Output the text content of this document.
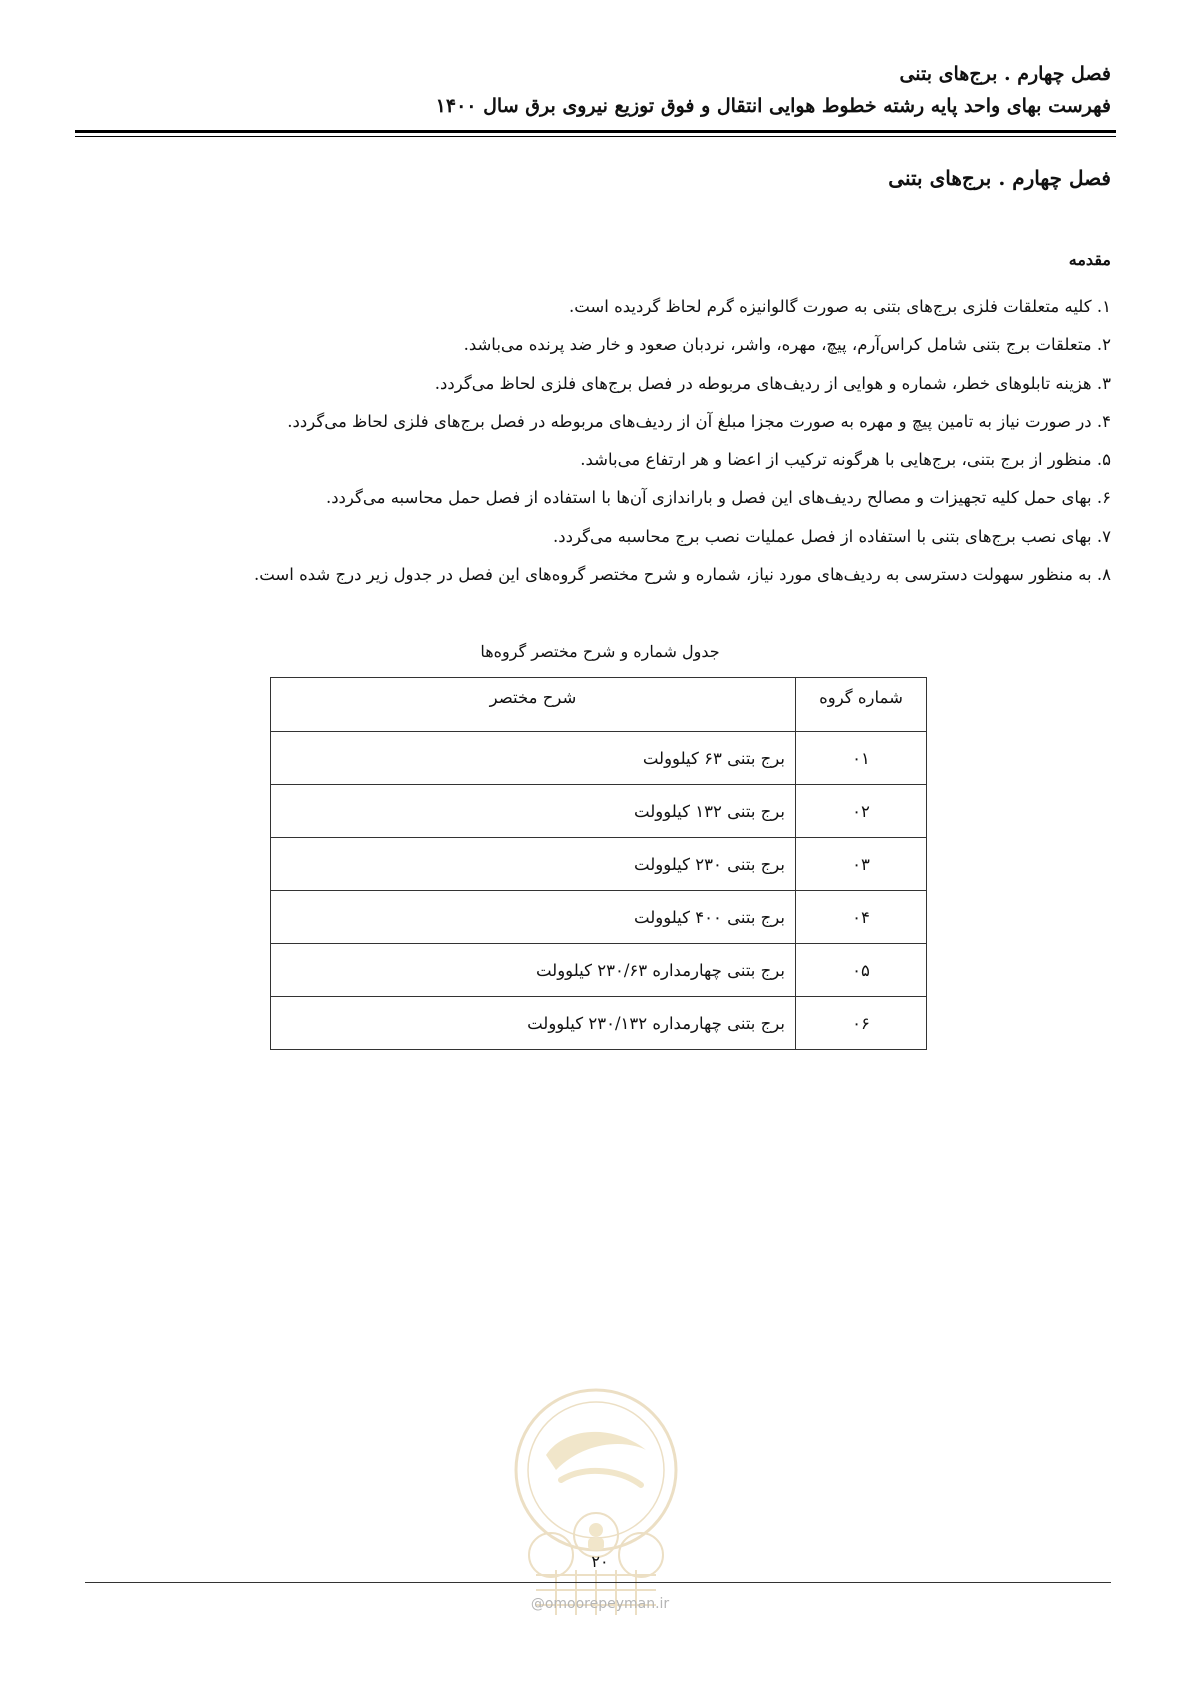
فصل چهارم . برج‌های بتنی
فهرست بهای واحد پایه رشته خطوط هوایی انتقال و فوق توزیع نیروی برق سال ۱۴۰۰
فصل چهارم . برج‌های بتنی
مقدمه
۱. کلیه متعلقات فلزی برج‌های بتنی به صورت گالوانیزه گرم لحاظ گردیده است.
۲. متعلقات برج بتنی شامل کراس‌آرم، پیچ، مهره، واشر، نردبان صعود و خار ضد پرنده می‌باشد.
۳. هزینه تابلوهای خطر، شماره و هوایی از ردیف‌های مربوطه در فصل برج‌های فلزی لحاظ می‌گردد.
۴. در صورت نیاز به تامین پیچ و مهره به صورت مجزا مبلغ آن از ردیف‌های مربوطه در فصل برج‌های فلزی لحاظ می‌گردد.
۵. منظور از برج بتنی، برج‌هایی با هرگونه ترکیب از اعضا و هر ارتفاع می‌باشد.
۶. بهای حمل کلیه تجهیزات و مصالح ردیف‌های این فصل و باراندازی آن‌ها با استفاده از فصل حمل محاسبه می‌گردد.
۷. بهای نصب برج‌های بتنی با استفاده از فصل عملیات نصب برج محاسبه می‌گردد.
۸. به منظور سهولت دسترسی به ردیف‌های مورد نیاز، شماره و شرح مختصر گروه‌های این فصل در جدول زیر درج شده است.
جدول شماره و شرح مختصر گروه‌ها
شماره گروه	شرح مختصر
۰۱	برج بتنی ۶۳ کیلوولت
۰۲	برج بتنی ۱۳۲ کیلوولت
۰۳	برج بتنی ۲۳۰ کیلوولت
۰۴	برج بتنی ۴۰۰ کیلوولت
۰۵	برج بتنی چهارمداره ۲۳۰/۶۳ کیلوولت
۰۶	برج بتنی چهارمداره ۲۳۰/۱۳۲ کیلوولت
۲۰
@omoorepeyman.ir
